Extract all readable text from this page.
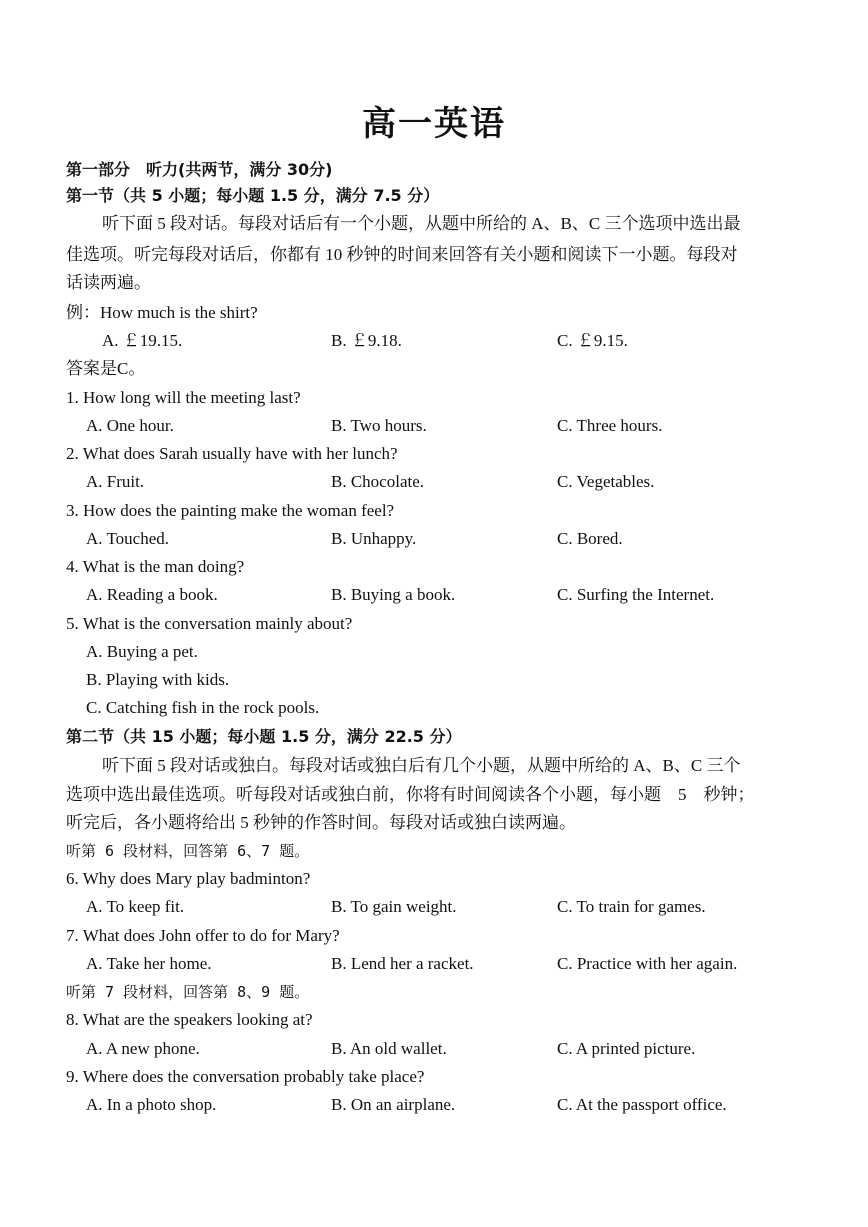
高一英语
第一部分　听力(共两节，满分 30分)
第一节（共 5 小题；每小题 1.5 分，满分 7.5 分）
听下面 5 段对话。每段对话后有一个小题，从题中所给的 A、B、C 三个选项中选出最
佳选项。听完每段对话后，你都有 10 秒钟的时间来回答有关小题和阅读下一小题。每段对
话读两遍。
例：How much is the shirt?
A. ￡19.15.	B. ￡9.18.	C. ￡9.15.
答案是C。
1. How long will the meeting last?
A. One hour.	B. Two hours.	C. Three hours.
2. What does Sarah usually have with her lunch?
A. Fruit.	B. Chocolate.	C. Vegetables.
3. How does the painting make the woman feel?
A. Touched.	B. Unhappy.	C. Bored.
4. What is the man doing?
A. Reading a book.	B. Buying a book.	C. Surfing the Internet.
5. What is the conversation mainly about?
A. Buying a pet.
B. Playing with kids.
C. Catching fish in the rock pools.
第二节（共 15 小题；每小题 1.5 分，满分 22.5 分）
听下面 5 段对话或独白。每段对话或独白后有几个小题，从题中所给的 A、B、C 三个
选项中选出最佳选项。听每段对话或独白前，你将有时间阅读各个小题，每小题　5　秒钟；
听完后，各小题将给出 5 秒钟的作答时间。每段对话或独白读两遍。
听第 6 段材料，回答第 6、7 题。
6. Why does Mary play badminton?
A. To keep fit.	B. To gain weight.	C. To train for games.
7. What does John offer to do for Mary?
A. Take her home.	B. Lend her a racket.	C. Practice with her again.
听第 7 段材料，回答第 8、9 题。
8. What are the speakers looking at?
A. A new phone.	B. An old wallet.	C. A printed picture.
9. Where does the conversation probably take place?
A. In a photo shop.	B. On an airplane.	C. At the passport office.
